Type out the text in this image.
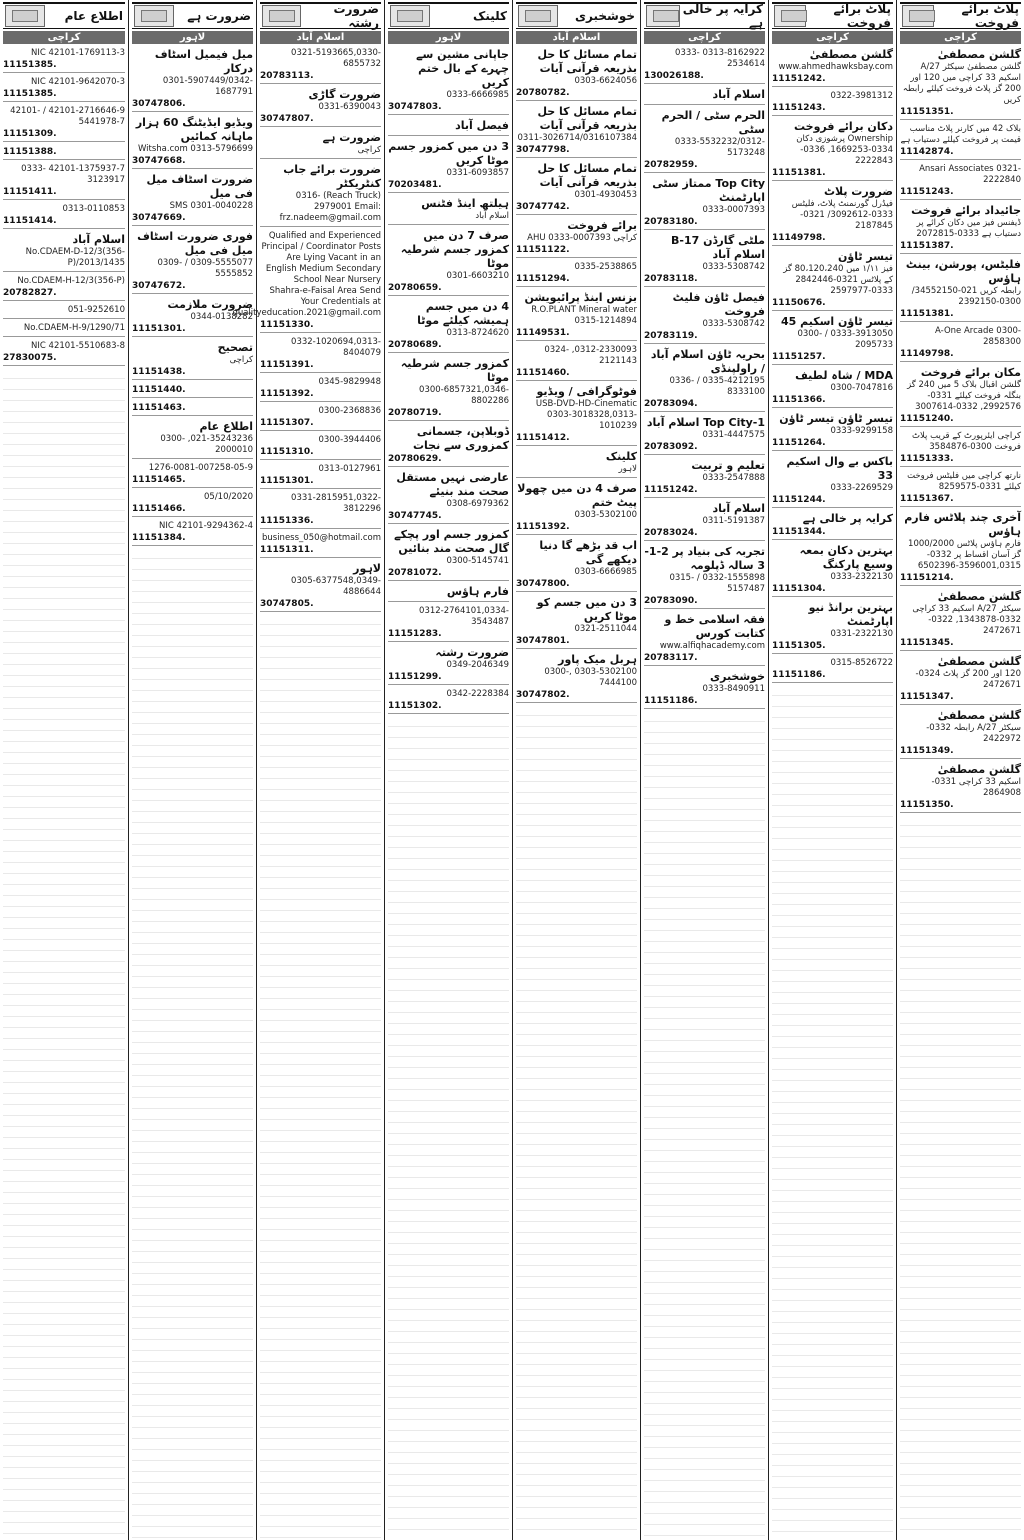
پلاٹ برائے فروخت
کراچی
گلشن مصطفیٰ
گلشن مصطفیٰ سیکٹر 27/A اسکیم 33 کراچی میں 120 اور 200 گز پلاٹ فروخت کیلئے رابطہ کریں
11151351.
بلاک 42 میں کارنر پلاٹ مناسب قیمت پر فروخت کیلئے دستیاب ہے
11142874.
Ansari Associates 0321-2222840
11151243.
جائیداد برائے فروخت
ڈیفنس فیز میں دکان کرائے پر دستیاب ہے 0333-2072815
11151387.
فلیٹس، پورشن، بینٹ ہاؤس
رابطہ کریں 021-34552150/ 0300-2392150
11151381.
A-One Arcade 0300-2858300
11149798.
مکان برائے فروخت
گلشن اقبال بلاک 5 میں 240 گز بنگلہ فروخت کیلئے 0331-2992576, 0332-3007614
11151240.
کراچی ایئرپورٹ کے قریب پلاٹ فروخت 0300-3584876
11151333.
نارتھ کراچی میں فلیٹس فروخت کیلئے 0331-8259575
11151367.
آخری چند پلاٹس فارم ہاؤس
فارم ہاؤس پلاٹس 1000/2000 گز آسان اقساط پر 0332-3596001,0315-6502396
11151214.
گلشن مصطفیٰ
سیکٹر 27/A اسکیم 33 کراچی 0332-1343878, 0322-2472671
11151345.
گلشن مصطفیٰ
120 اور 200 گز پلاٹ 0324-2472671
11151347.
گلشن مصطفیٰ
سیکٹر 27/A رابطہ 0332-2422972
11151349.
گلشن مصطفیٰ
اسکیم 33 کراچی 0331-2864908
11151350.
پلاٹ برائے فروخت
کراچی
گلشن مصطفیٰ
www.ahmedhawksbay.com
11151242.
0322-3981312
11151243.
دکان برائے فروخت
Ownership پرشوزی دکان 0334-1669253, 0336-2222843
11151381.
ضرورت پلاٹ
فیڈرل گورنمنٹ پلاٹ، فلیٹس 0333-3092612/ 0321-2187845
11149798.
تیسر ٹاؤن
فیز ۱/۱۱ میں 80،120،240 گز کے پلاٹس 0321-2842446 0333-2597977
11150676.
تیسر ٹاؤن اسکیم 45
0333-3913050 / 0300-2095733
11151257.
MDA / شاہ لطیف
0300-7047816
11151366.
تیسر ٹاؤن تیسر ٹاؤن
0333-9299158
11151264.
باکس بے وال اسکیم 33
0333-2269529
11151244.
کرایہ پر خالی ہے
11151344.
بہترین دکان بمعہ وسیع پارکنگ
0333-2322130
11151304.
بہترین برانڈ نیو اپارٹمنٹ
0331-2322130
11151305.
0315-8526722
11151186.
کرایہ پر خالی ہے
کراچی
0313-8162922 0333-2534614
130026188.
اسلام آباد
الحرم سٹی / الحرم سٹی
0333-5532232/0312-5173248
20782959.
Top City ممتاز سٹی اپارٹمنٹ
0333-0007393
20783180.
ملٹی گارڈن B-17 اسلام آباد
0333-5308742
20783118.
فیصل ٹاؤن فلیٹ فروخت
0333-5308742
20783119.
بحریہ ٹاؤن اسلام آباد / راولپنڈی
0335-4212195 / 0336-8333100
20783094.
Top City-1 اسلام آباد
0331-4447575
20783092.
تعلیم و تربیت
0333-2547888
11151242.
اسلام آباد
0311-5191387
20783024.
تجربہ کی بنیاد پر 2-1-3 سالہ ڈپلومہ
0332-1555898 / 0315-5157487
20783090.
فقہ اسلامی خط و کتابت کورس
www.alfiqhacademy.com
20783117.
خوشخبری
0333-8490911
11151186.
خوشخبری
اسلام آباد
تمام مسائل کا حل بذریعہ قرآنی آیات
0303-6624056
20780782.
تمام مسائل کا حل بذریعہ قرآنی آیات
0311-3026714/0316107384
30747798.
تمام مسائل کا حل بذریعہ قرآنی آیات
0301-4930453
30747742.
برائے فروخت
کراچی AHU 0333-0007393
11151122.
0335-2538865
11151294.
بزنس اینڈ پرائیویشن
R.O.PLANT Mineral water 0315-1214894
11149531.
0312-2330093, 0324-2121143
11151460.
فوٹوگرافی / ویڈیو
USB-DVD-HD-Cinematic 0303-3018328,0313-1010239
11151412.
کلینک
لاہور
صرف 4 دن میں چھولا پیٹ ختم
0303-5302100
11151392.
اب قد بڑھے گا دنیا دیکھے گی
0303-6666985
30747800.
3 دن میں جسم کو موٹا کریں
0321-2511044
30747801.
ہربل میک پاور
0303-5302100 ,0300-7444100
30747802.
کلینک
لاہور
جاپانی مشین سے چہرے کے بال ختم کریں
0333-6666985
30747803.
فیصل آباد
3 دن میں کمزور جسم موٹا کریں
0331-6093857
70203481.
ہیلتھ اینڈ فٹنس
اسلام آباد
صرف 7 دن میں کمزور جسم شرطیہ موٹا
0301-6603210
20780659.
4 دن میں جسم ہمیشہ کیلئے موٹا
0313-8724620
20780689.
کمزور جسم شرطیہ موٹا
0300-6857321,0346-8802286
20780719.
ڈوبلاپن، جسمانی کمزوری سے نجات
20780629.
عارضی نہیں مستقل صحت مند بنیئے
0308-6979362
30747745.
کمزور جسم اور پچکے گال صحت مند بنائیں
0300-5145741
20781072.
فارم ہاؤس
0312-2764101,0334-3543487
11151283.
ضرورت رشتہ
0349-2046349
11151299.
0342-2228384
11151302.
ضرورت رشتہ
اسلام آباد
0321-5193665,0330-6855732
20783113.
ضرورت گاڑی
0331-6390043
30747807.
ضرورت ہے
کراچی
ضرورت برائے جاب کنٹریکٹر
(Reach Truck) 0316-2979001 Email: frz.nadeem@gmail.com
Qualified and Experienced Principal / Coordinator Posts Are Lying Vacant in an English Medium Secondary School Near Nursery Shahra-e-Faisal Area Send Your Credentials at qualityeducation.2021@gmail.com
11151330.
0332-1020694,0313-8404079
11151391.
0345-9829948
11151392.
0300-2368836
11151307.
0300-3944406
11151310.
0313-0127961
11151301.
0331-2815951,0322-3812296
11151336.
business_050@hotmail.com
11151311.
لاہور
0305-6377548,0349-4886644
30747805.
ضرورت ہے
لاہور
میل فیمیل اسٹاف درکار
0301-5907449/0342-1687791
30747806.
ویڈیو ایڈیٹنگ 60 ہزار ماہانہ کمائیں
Witsha.com 0313-5796699
30747668.
ضرورت اسٹاف میل فی میل
0301-0040228 SMS
30747669.
فوری ضرورت اسٹاف میل فی میل
0309-5555077 / 0309-5555852
30747672.
ضرورت ملازمت
0344-0138282
11151301.
تصحیح
کراچی
11151438.
11151440.
11151463.
اطلاع عام
021-35243236, 0300-2000010
1276-0081-007258-05-9
11151465.
05/10/2020
11151466.
NIC 42101-9294362-4
11151384.
اطلاع عام
کراچی
NIC 42101-1769113-3
11151385.
NIC 42101-9642070-3
11151385.
42101-2716646-9 / 42101-5441978-7
11151309.
11151388.
42101-1375937-7 0333-3123917
11151411.
0313-0110853
11151414.
اسلام آباد
No.CDAEM-D-12/3(356-P)/2013/1435
No.CDAEM-H-12/3(356-P)
20782827.
051-9252610
No.CDAEM-H-9/1290/71
NIC 42101-5510683-8
27830075.
